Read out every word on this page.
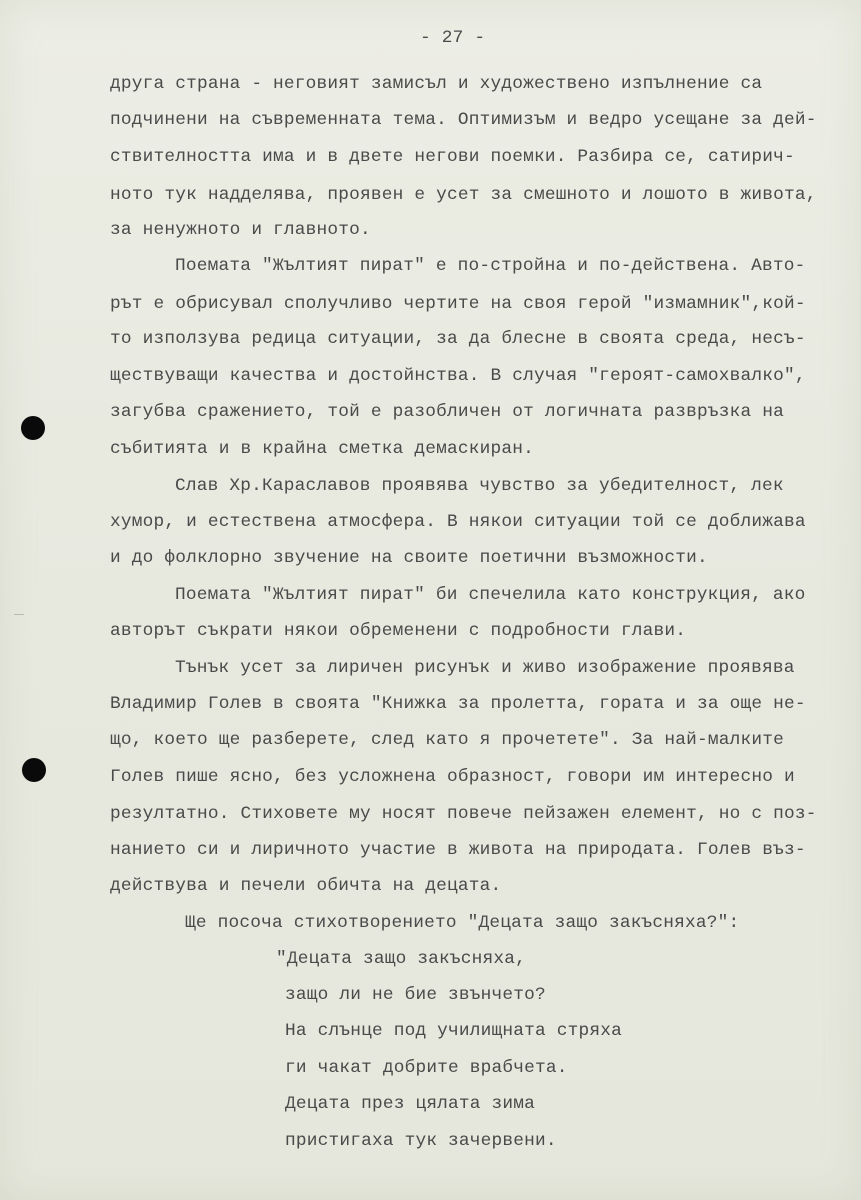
- 27 -
друга страна - неговият замисъл и художествено изпълнение са
подчинени на съвременната тема. Оптимизъм и ведро усещане за дей-
ствителността има и в двете негови поемки. Разбира се, сатирич-
ното тук надделява, проявен е усет за смешното и лошото в живота,
за ненужното и главното.
Поемата "Жълтият пират" е по-стройна и по-действена. Авто-
рът е обрисувал сполучливо чертите на своя герой "измамник",кой-
то използува редица ситуации, за да блесне в своята среда, несъ-
ществуващи качества и достойнства. В случая "героят-самохвалко",
загубва сражението, той е разобличен от логичната развръзка на
събитията и в крайна сметка демаскиран.
Слав Хр.Караславов проявява чувство за убедителност, лек
хумор, и естествена атмосфера. В някои ситуации той се доближава
и до фолклорно звучение на своите поетични възможности.
Поемата "Жълтият пират" би спечелила като конструкция, ако
авторът съкрати някои обременени с подробности глави.
Тънък усет за лиричен рисунък и живо изображение проявява
Владимир Голев в своята "Книжка за пролетта, гората и за още не-
що, което ще разберете, след като я прочетете". За най-малките
Голев пише ясно, без усложнена образност, говори им интересно и
резултатно. Стиховете му носят повече пейзажен елемент, но с поз-
нанието си и лиричното участие в живота на природата. Голев въз-
действува и печели обичта на децата.
Ще посоча стихотворението "Децата защо закъсняха?":
"Децата защо закъсняха,
защо ли не бие звънчето?
На слънце под училищната стряха
ги чакат добрите врабчета.
Децата през цялата зима
пристигаха тук зачервени.
